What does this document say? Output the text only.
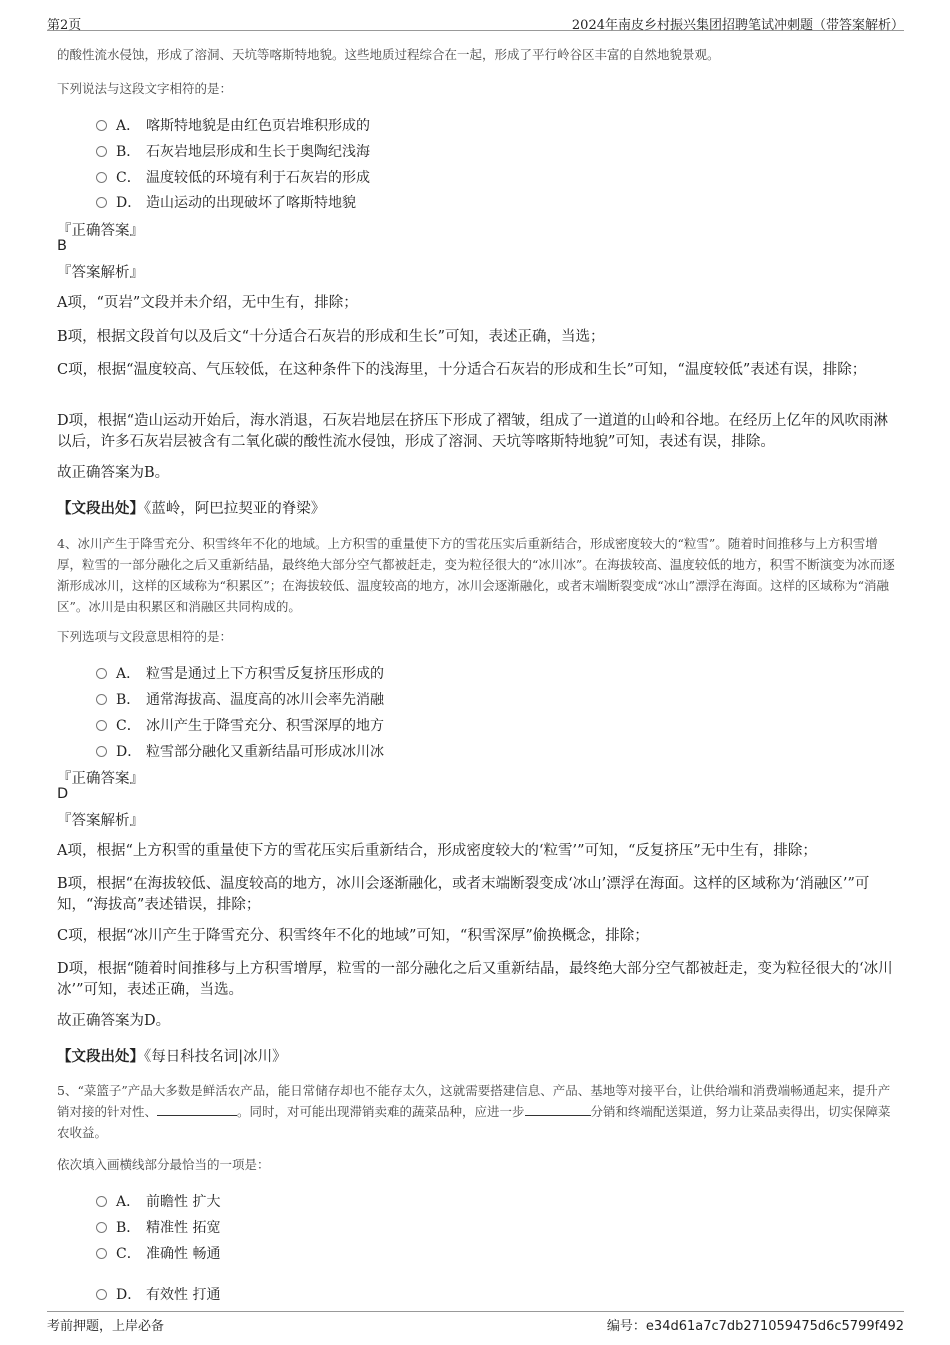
第2页	2024年南皮乡村振兴集团招聘笔试冲刺题（带答案解析）
的酸性流水侵蚀，形成了溶洞、天坑等喀斯特地貌。这些地质过程综合在一起，形成了平行岭谷区丰富的自然地貌景观。
下列说法与这段文字相符的是：
A． 喀斯特地貌是由红色页岩堆积形成的
B． 石灰岩地层形成和生长于奥陶纪浅海
C． 温度较低的环境有利于石灰岩的形成
D． 造山运动的出现破坏了喀斯特地貌
『正确答案』
B
『答案解析』
A项，“页岩”文段并未介绍，无中生有，排除；
B项，根据文段首句以及后文“十分适合石灰岩的形成和生长”可知，表述正确，当选；
C项，根据“温度较高、气压较低，在这种条件下的浅海里，十分适合石灰岩的形成和生长”可知，“温度较低”表述有误，排除；
D项，根据“造山运动开始后，海水消退，石灰岩地层在挤压下形成了褶皱，组成了一道道的山岭和谷地。在经历上亿年的风吹雨淋以后，许多石灰岩层被含有二氧化碳的酸性流水侵蚀，形成了溶洞、天坑等喀斯特地貌”可知，表述有误，排除。
故正确答案为B。
【文段出处】《蓝岭，阿巴拉契亚的脊梁》
4、冰川产生于降雪充分、积雪终年不化的地域。上方积雪的重量使下方的雪花压实后重新结合，形成密度较大的“粒雪”。随着时间推移与上方积雪增厚，粒雪的一部分融化之后又重新结晶，最终绝大部分空气都被赶走，变为粒径很大的“冰川冰”。在海拔较高、温度较低的地方，积雪不断演变为冰而逐渐形成冰川，这样的区域称为“积累区”；在海拔较低、温度较高的地方，冰川会逐渐融化，或者末端断裂变成“冰山”漂浮在海面。这样的区域称为“消融区”。冰川是由积累区和消融区共同构成的。
下列选项与文段意思相符的是：
A． 粒雪是通过上下方积雪反复挤压形成的
B． 通常海拔高、温度高的冰川会率先消融
C． 冰川产生于降雪充分、积雪深厚的地方
D． 粒雪部分融化又重新结晶可形成冰川冰
『正确答案』
D
『答案解析』
A项，根据“上方积雪的重量使下方的雪花压实后重新结合，形成密度较大的‘粒雪’”可知，“反复挤压”无中生有，排除；
B项，根据“在海拔较低、温度较高的地方，冰川会逐渐融化，或者末端断裂变成‘冰山’漂浮在海面。这样的区域称为‘消融区’”可知，“海拔高”表述错误，排除；
C项，根据“冰川产生于降雪充分、积雪终年不化的地域”可知，“积雪深厚”偷换概念，排除；
D项，根据“随着时间推移与上方积雪增厚，粒雪的一部分融化之后又重新结晶，最终绝大部分空气都被赶走，变为粒径很大的‘冰川冰’”可知，表述正确，当选。
故正确答案为D。
【文段出处】《每日科技名词|冰川》
5、“菜篮子”产品大多数是鲜活农产品，能日常储存却也不能存太久，这就需要搭建信息、产品、基地等对接平台，让供给端和消费端畅通起来，提升产销对接的针对性、	。同时，对可能出现滞销卖难的蔬菜品种，应进一步	分销和终端配送渠道，努力让菜品卖得出，切实保障菜农收益。
依次填入画横线部分最恰当的一项是：
A． 前瞻性 扩大
B． 精准性 拓宽
C． 准确性 畅通
D． 有效性 打通
考前押题，上岸必备	编号：e34d61a7c7db271059475d6c5799f492
